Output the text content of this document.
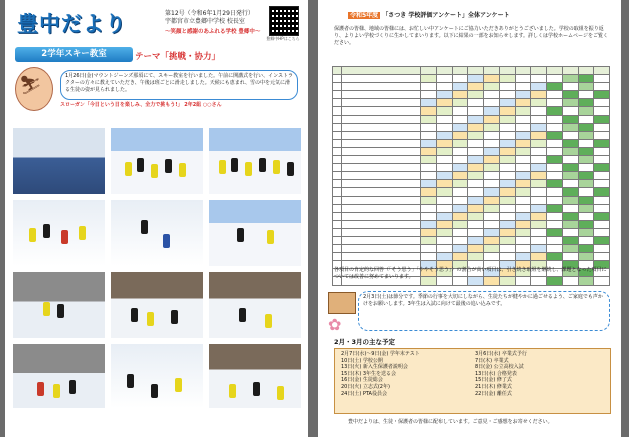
豊中だより	第12号（令和6年1月29日発行）
宇都宮市立豊郷中学校 校長室
〜笑顔と感謝のあふれる学校 豊郷中〜
豊郷中HPはこちら
2学年スキー教室	テーマ「挑戦・协力」
⛷	1月26日(金)マウントジーンズ那須にて、スキー教室を行いました。午前に開講式を行い、インストラクターの方々に教えていただき、午後は班ごとに滑走しました。天候にも恵まれ、雪の中を元気に滑る生徒の姿が見られました。
スローガン「今日という日を楽しみ、全力で挑もう!」 2年2組 ○○さん
令和5年度 「さつき 学校評価アンケート」全体アンケート
保護者の皆様、地域の皆様には、お忙しい中アンケートにご協力いただきありがとうございました。学校の取組を振り返り、よりよい学校づくりに生かしてまいります。以下に結果の一部をお知らせします。詳しくは学校ホームページをご覧ください。

各項目の肯定的な回答（「そう思う」「ややそう思う」）の割合が高い項目は、引き続き取組を継続し、課題となった項目については改善に努めてまいります。
✿
2月3日(土)は節分です。季節の行事を大切にしながら、生徒たちが健やかに過ごせるよう、ご家庭でも声かけをお願いします。3年生は入試に向けて最後の追い込みです。
2月・3月の主な予定
2月7日(水)～9日(金) 学年末テスト
10日(土) 学校公開
13日(火) 新入生保護者説明会
15日(木) 3年生を送る会
16日(金) 生徒総会
20日(火) 立志式(2年)
24日(土) PTA役員会
3月6日(水) 卒業式予行
7日(木) 卒業式
8日(金) 公立高校入試
13日(水) 合格発表
15日(金) 修了式
21日(木) 修業式
22日(金) 離任式
豊中だよりは、生徒・保護者の皆様に配布しています。ご意見・ご感想をお寄せください。
